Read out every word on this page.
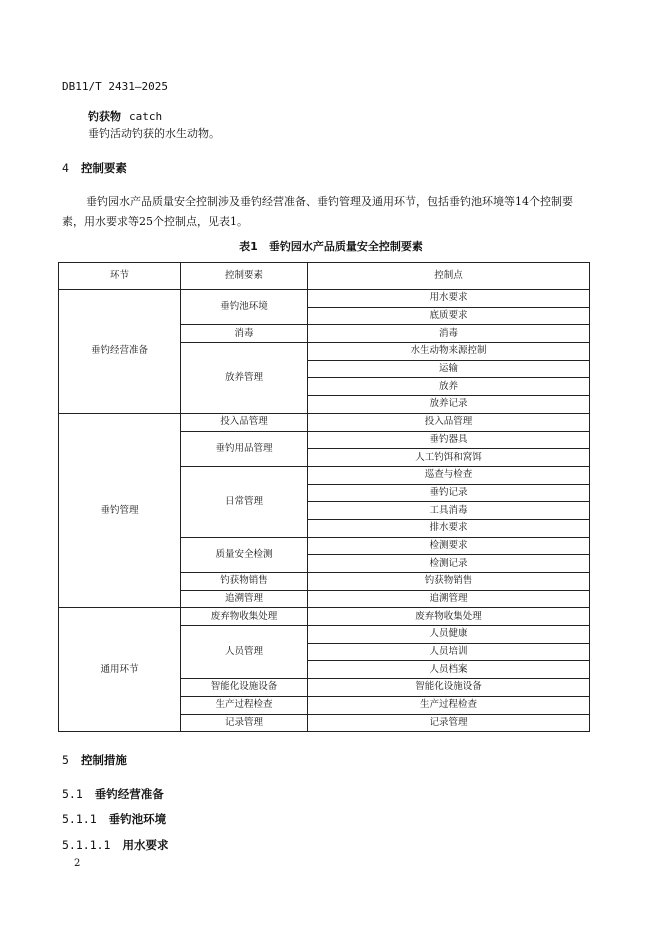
DB11/T 2431—2025
钓获物 catch
垂钓活动钓获的水生动物。
4 控制要素
垂钓园水产品质量安全控制涉及垂钓经营准备、垂钓管理及通用环节，包括垂钓池环境等14个控制要素，用水要求等25个控制点，见表1。
表1　垂钓园水产品质量安全控制要素
环节	控制要素	控制点
垂钓经营准备	垂钓池环境	用水要求
		底质要求
	消毒	消毒
	放养管理	水生动物来源控制
		运输
		放养
		放养记录
垂钓管理	投入品管理	投入品管理
	垂钓用品管理	垂钓器具
		人工钓饵和窝饵
	日常管理	巡查与检查
		垂钓记录
		工具消毒
		排水要求
	质量安全检测	检测要求
		检测记录
	钓获物销售	钓获物销售
	追溯管理	追溯管理
通用环节	废弃物收集处理	废弃物收集处理
	人员管理	人员健康
		人员培训
		人员档案
	智能化设施设备	智能化设施设备
	生产过程检查	生产过程检查
	记录管理	记录管理
5 控制措施
5.1 垂钓经营准备
5.1.1 垂钓池环境
5.1.1.1 用水要求
2
